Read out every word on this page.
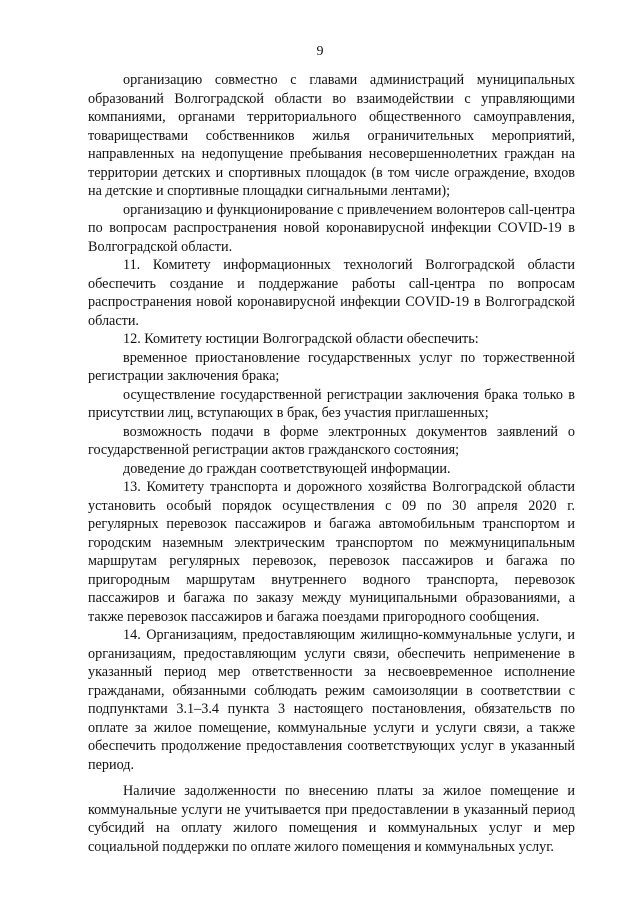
9

организацию совместно с главами администраций муниципальных образований Волгоградской области во взаимодействии с управляющими компаниями, органами территориального общественного самоуправления, товариществами собственников жилья ограничительных мероприятий, направленных на недопущение пребывания несовершеннолетних граждан на территории детских и спортивных площадок (в том числе ограждение, входов на детские и спортивные площадки сигнальными лентами);

организацию и функционирование с привлечением волонтеров call-центра по вопросам распространения новой коронавирусной инфекции COVID-19 в Волгоградской области.

11. Комитету информационных технологий Волгоградской области обеспечить создание и поддержание работы call-центра по вопросам распространения новой коронавирусной инфекции COVID-19 в Волгоградской области.

12. Комитету юстиции Волгоградской области обеспечить:

временное приостановление государственных услуг по торжественной регистрации заключения брака;

осуществление государственной регистрации заключения брака только в присутствии лиц, вступающих в брак, без участия приглашенных;

возможность подачи в форме электронных документов заявлений о государственной регистрации актов гражданского состояния;

доведение до граждан соответствующей информации.

13. Комитету транспорта и дорожного хозяйства Волгоградской области установить особый порядок осуществления с 09 по 30 апреля 2020 г. регулярных перевозок пассажиров и багажа автомобильным транспортом и городским наземным электрическим транспортом по межмуниципальным маршрутам регулярных перевозок, перевозок пассажиров и багажа по пригородным маршрутам внутреннего водного транспорта, перевозок пассажиров и багажа по заказу между муниципальными образованиями, а также перевозок пассажиров и багажа поездами пригородного сообщения.

14. Организациям, предоставляющим жилищно-коммунальные услуги, и организациям, предоставляющим услуги связи, обеспечить неприменение в указанный период мер ответственности за несвоевременное исполнение гражданами, обязанными соблюдать режим самоизоляции в соответствии с подпунктами 3.1–3.4 пункта 3 настоящего постановления, обязательств по оплате за жилое помещение, коммунальные услуги и услуги связи, а также обеспечить продолжение предоставления соответствующих услуг в указанный период.

Наличие задолженности по внесению платы за жилое помещение и коммунальные услуги не учитывается при предоставлении в указанный период субсидий на оплату жилого помещения и коммунальных услуг и мер социальной поддержки по оплате жилого помещения и коммунальных услуг.
